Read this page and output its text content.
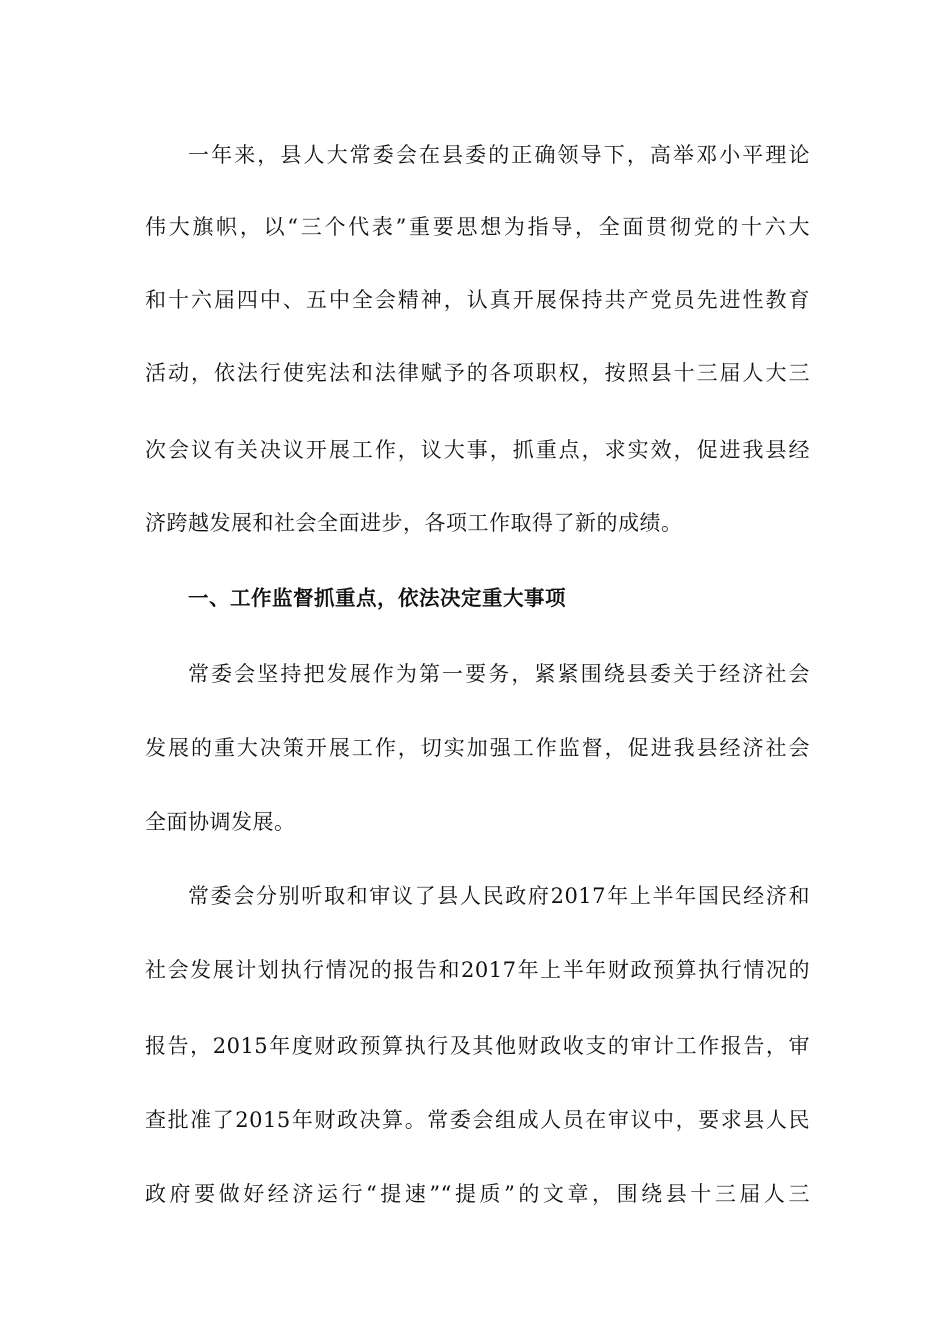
一年来，县人大常委会在县委的正确领导下，高举邓小平理论
伟大旗帜，以“三个代表”重要思想为指导，全面贯彻党的十六大
和十六届四中、五中全会精神，认真开展保持共产党员先进性教育
活动，依法行使宪法和法律赋予的各项职权，按照县十三届人大三
次会议有关决议开展工作，议大事，抓重点，求实效，促进我县经
济跨越发展和社会全面进步，各项工作取得了新的成绩。
一、工作监督抓重点，依法决定重大事项
常委会坚持把发展作为第一要务，紧紧围绕县委关于经济社会
发展的重大决策开展工作，切实加强工作监督，促进我县经济社会
全面协调发展。
常委会分别听取和审议了县人民政府2017年上半年国民经济和
社会发展计划执行情况的报告和2017年上半年财政预算执行情况的
报告，2015年度财政预算执行及其他财政收支的审计工作报告，审
查批准了2015年财政决算。常委会组成人员在审议中，要求县人民
政府要做好经济运行“提速”“提质”的文章，围绕县十三届人三
